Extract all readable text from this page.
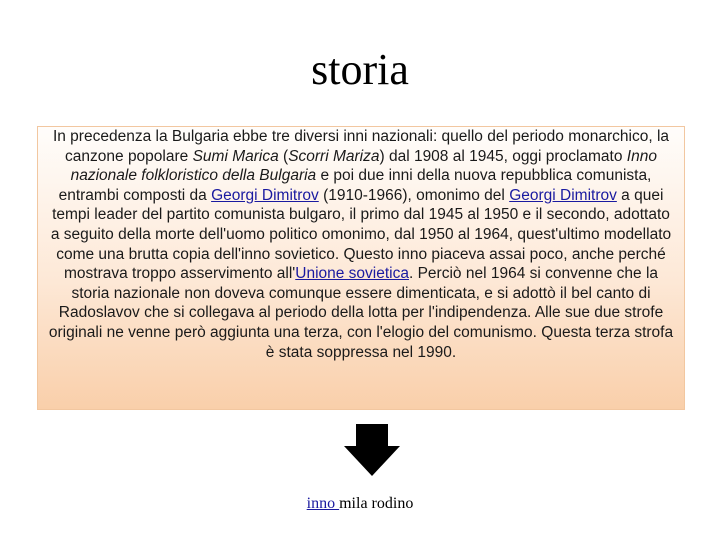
storia

In precedenza la Bulgaria ebbe tre diversi inni nazionali: quello del periodo monarchico, la canzone popolare Sumi Marica (Scorri Mariza) dal 1908 al 1945, oggi proclamato Inno nazionale folkloristico della Bulgaria e poi due inni della nuova repubblica comunista, entrambi composti da Georgi Dimitrov (1910-1966), omonimo del Georgi Dimitrov a quei tempi leader del partito comunista bulgaro, il primo dal 1945 al 1950 e il secondo, adottato a seguito della morte dell'uomo politico omonimo, dal 1950 al 1964, quest'ultimo modellato come una brutta copia dell'inno sovietico. Questo inno piaceva assai poco, anche perché mostrava troppo asservimento all'Unione sovietica. Perciò nel 1964 si convenne che la storia nazionale non doveva comunque essere dimenticata, e si adottò il bel canto di Radoslavov che si collegava al periodo della lotta per l'indipendenza. Alle sue due strofe originali ne venne però aggiunta una terza, con l'elogio del comunismo. Questa terza strofa è stata soppressa nel 1990.

inno mila rodino
